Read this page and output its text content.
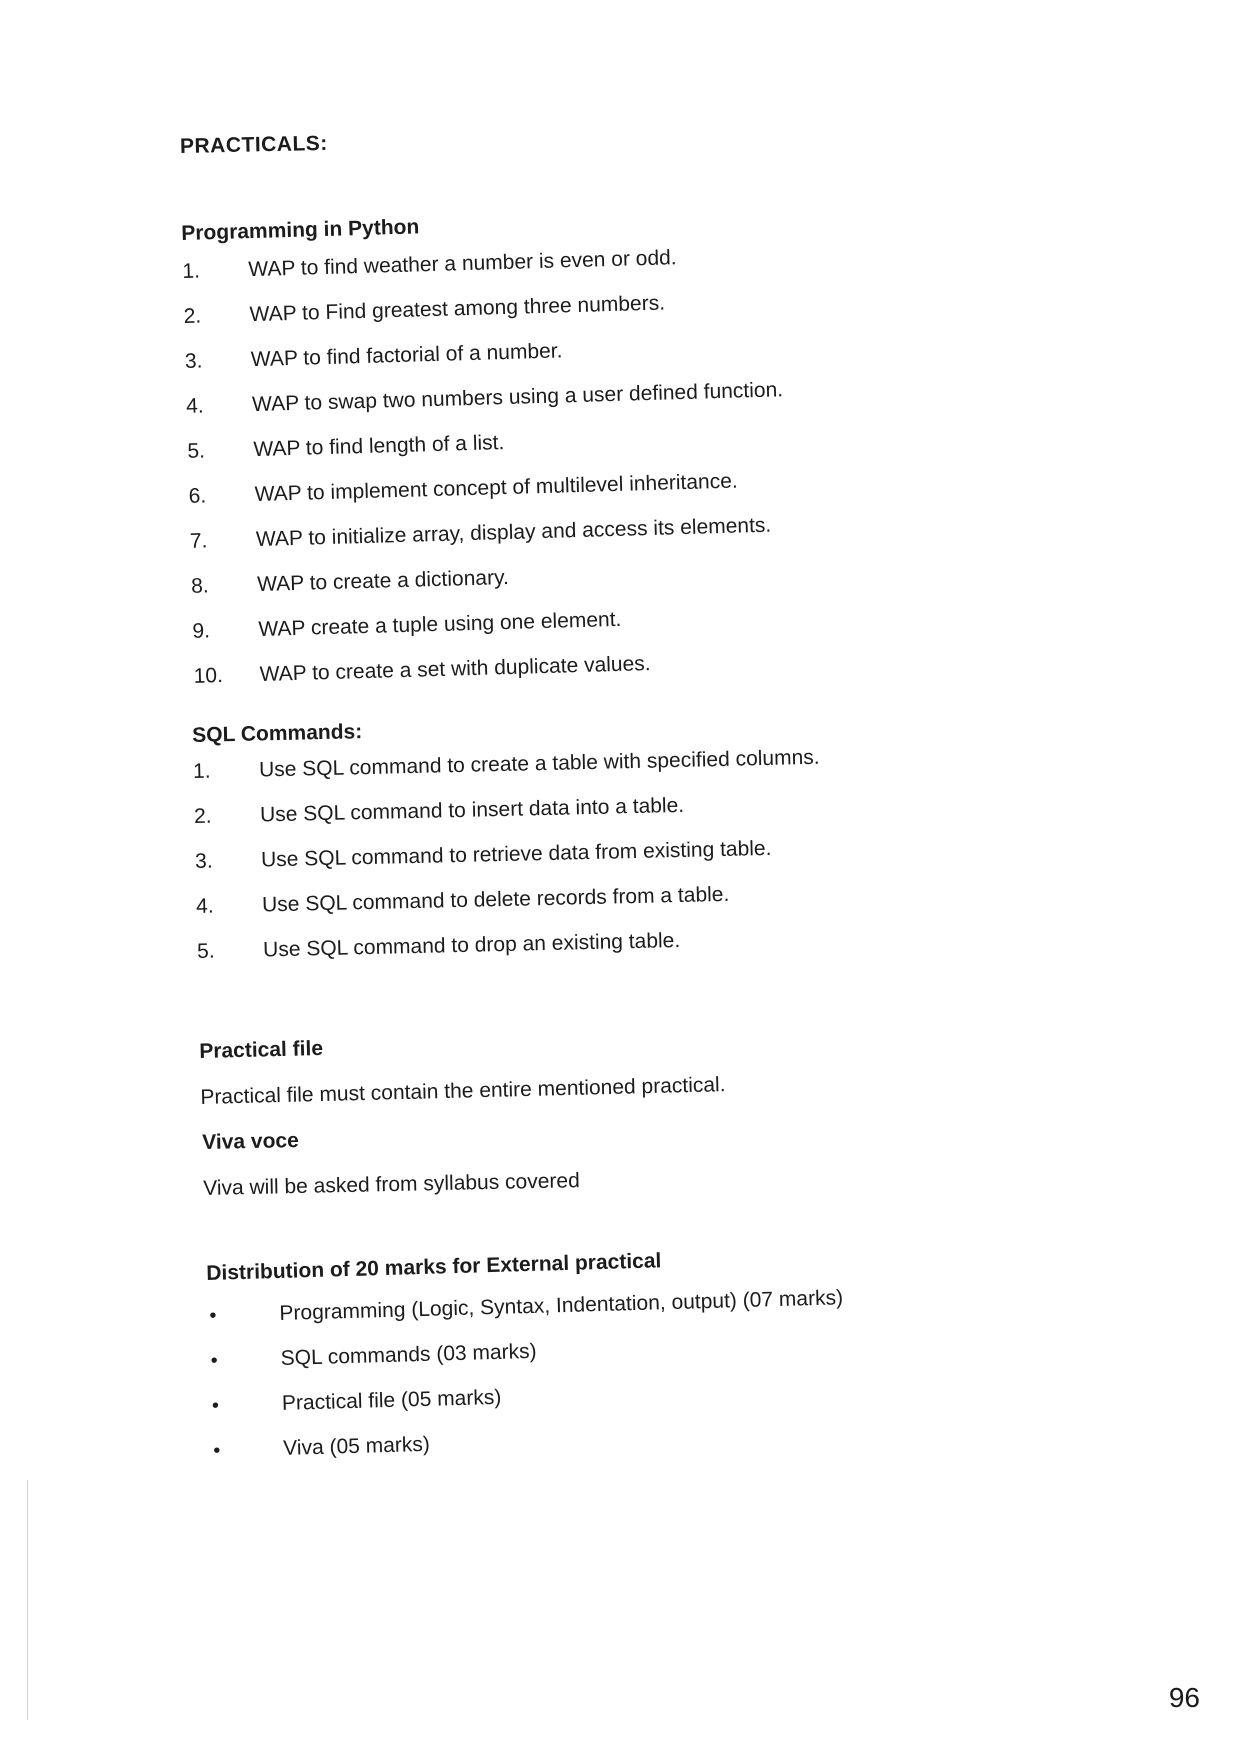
PRACTICALS:
Programming in Python
1.	WAP to find weather a number is even or odd.
2.	WAP to Find greatest among three numbers.
3.	WAP to find factorial of a number.
4.	WAP to swap two numbers using a user defined function.
5.	WAP to find length of a list.
6.	WAP to implement concept of multilevel inheritance.
7.	WAP to initialize array, display and access its elements.
8.	WAP to create a dictionary.
9.	WAP create a tuple using one element.
10.	WAP to create a set with duplicate values.
SQL Commands:
1.	Use SQL command to create a table with specified columns.
2.	Use SQL command to insert data into a table.
3.	Use SQL command to retrieve data from existing table.
4.	Use SQL command to delete records from a table.
5.	Use SQL command to drop an existing table.
Practical file

Practical file must contain the entire mentioned practical.

Viva voce

Viva will be asked from syllabus covered

Distribution of 20 marks for External practical
•	Programming (Logic, Syntax, Indentation, output) (07 marks)
•	SQL commands (03 marks)
•	Practical file (05 marks)
•	Viva (05 marks)
96
